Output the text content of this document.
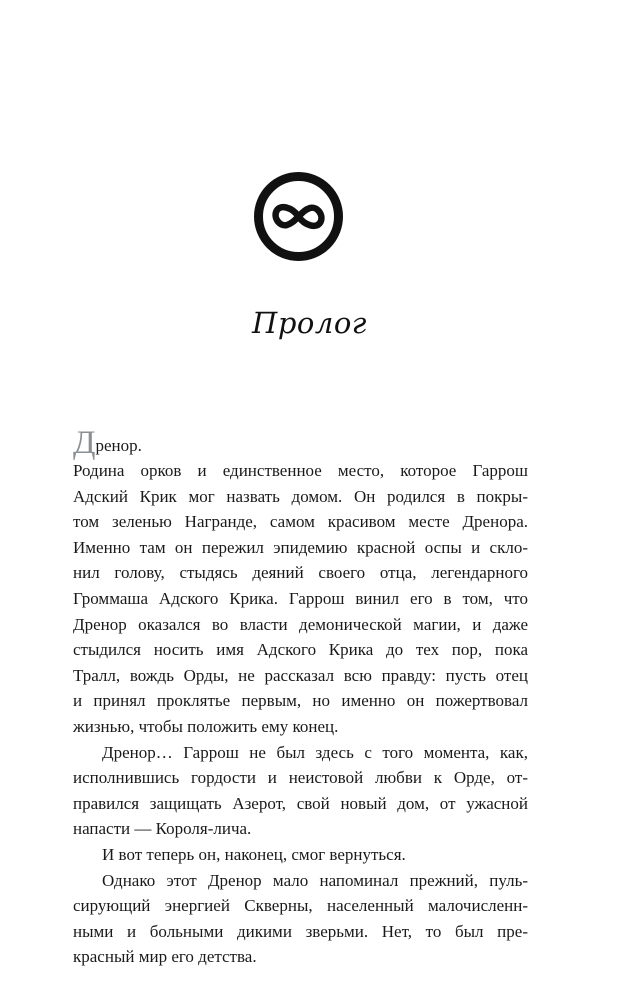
Пролог
Дренор.
Родина орков и единственное место, которое Гаррош
Адский Крик мог назвать домом. Он родился в покры-
том зеленью Награнде, самом красивом месте Дренора.
Именно там он пережил эпидемию красной оспы и скло-
нил голову, стыдясь деяний своего отца, легендарного
Громмаша Адского Крика. Гаррош винил его в том, что
Дренор оказался во власти демонической магии, и даже
стыдился носить имя Адского Крика до тех пор, пока
Тралл, вождь Орды, не рассказал всю правду: пусть отец
и принял проклятье первым, но именно он пожертвовал
жизнью, чтобы положить ему конец.
Дренор… Гаррош не был здесь с того момента, как,
исполнившись гордости и неистовой любви к Орде, от-
правился защищать Азерот, свой новый дом, от ужасной
напасти — Короля-лича.
И вот теперь он, наконец, смог вернуться.
Однако этот Дренор мало напоминал прежний, пуль-
сирующий энергией Скверны, населенный малочисленн-
ными и больными дикими зверьми. Нет, то был пре-
красный мир его детства.
